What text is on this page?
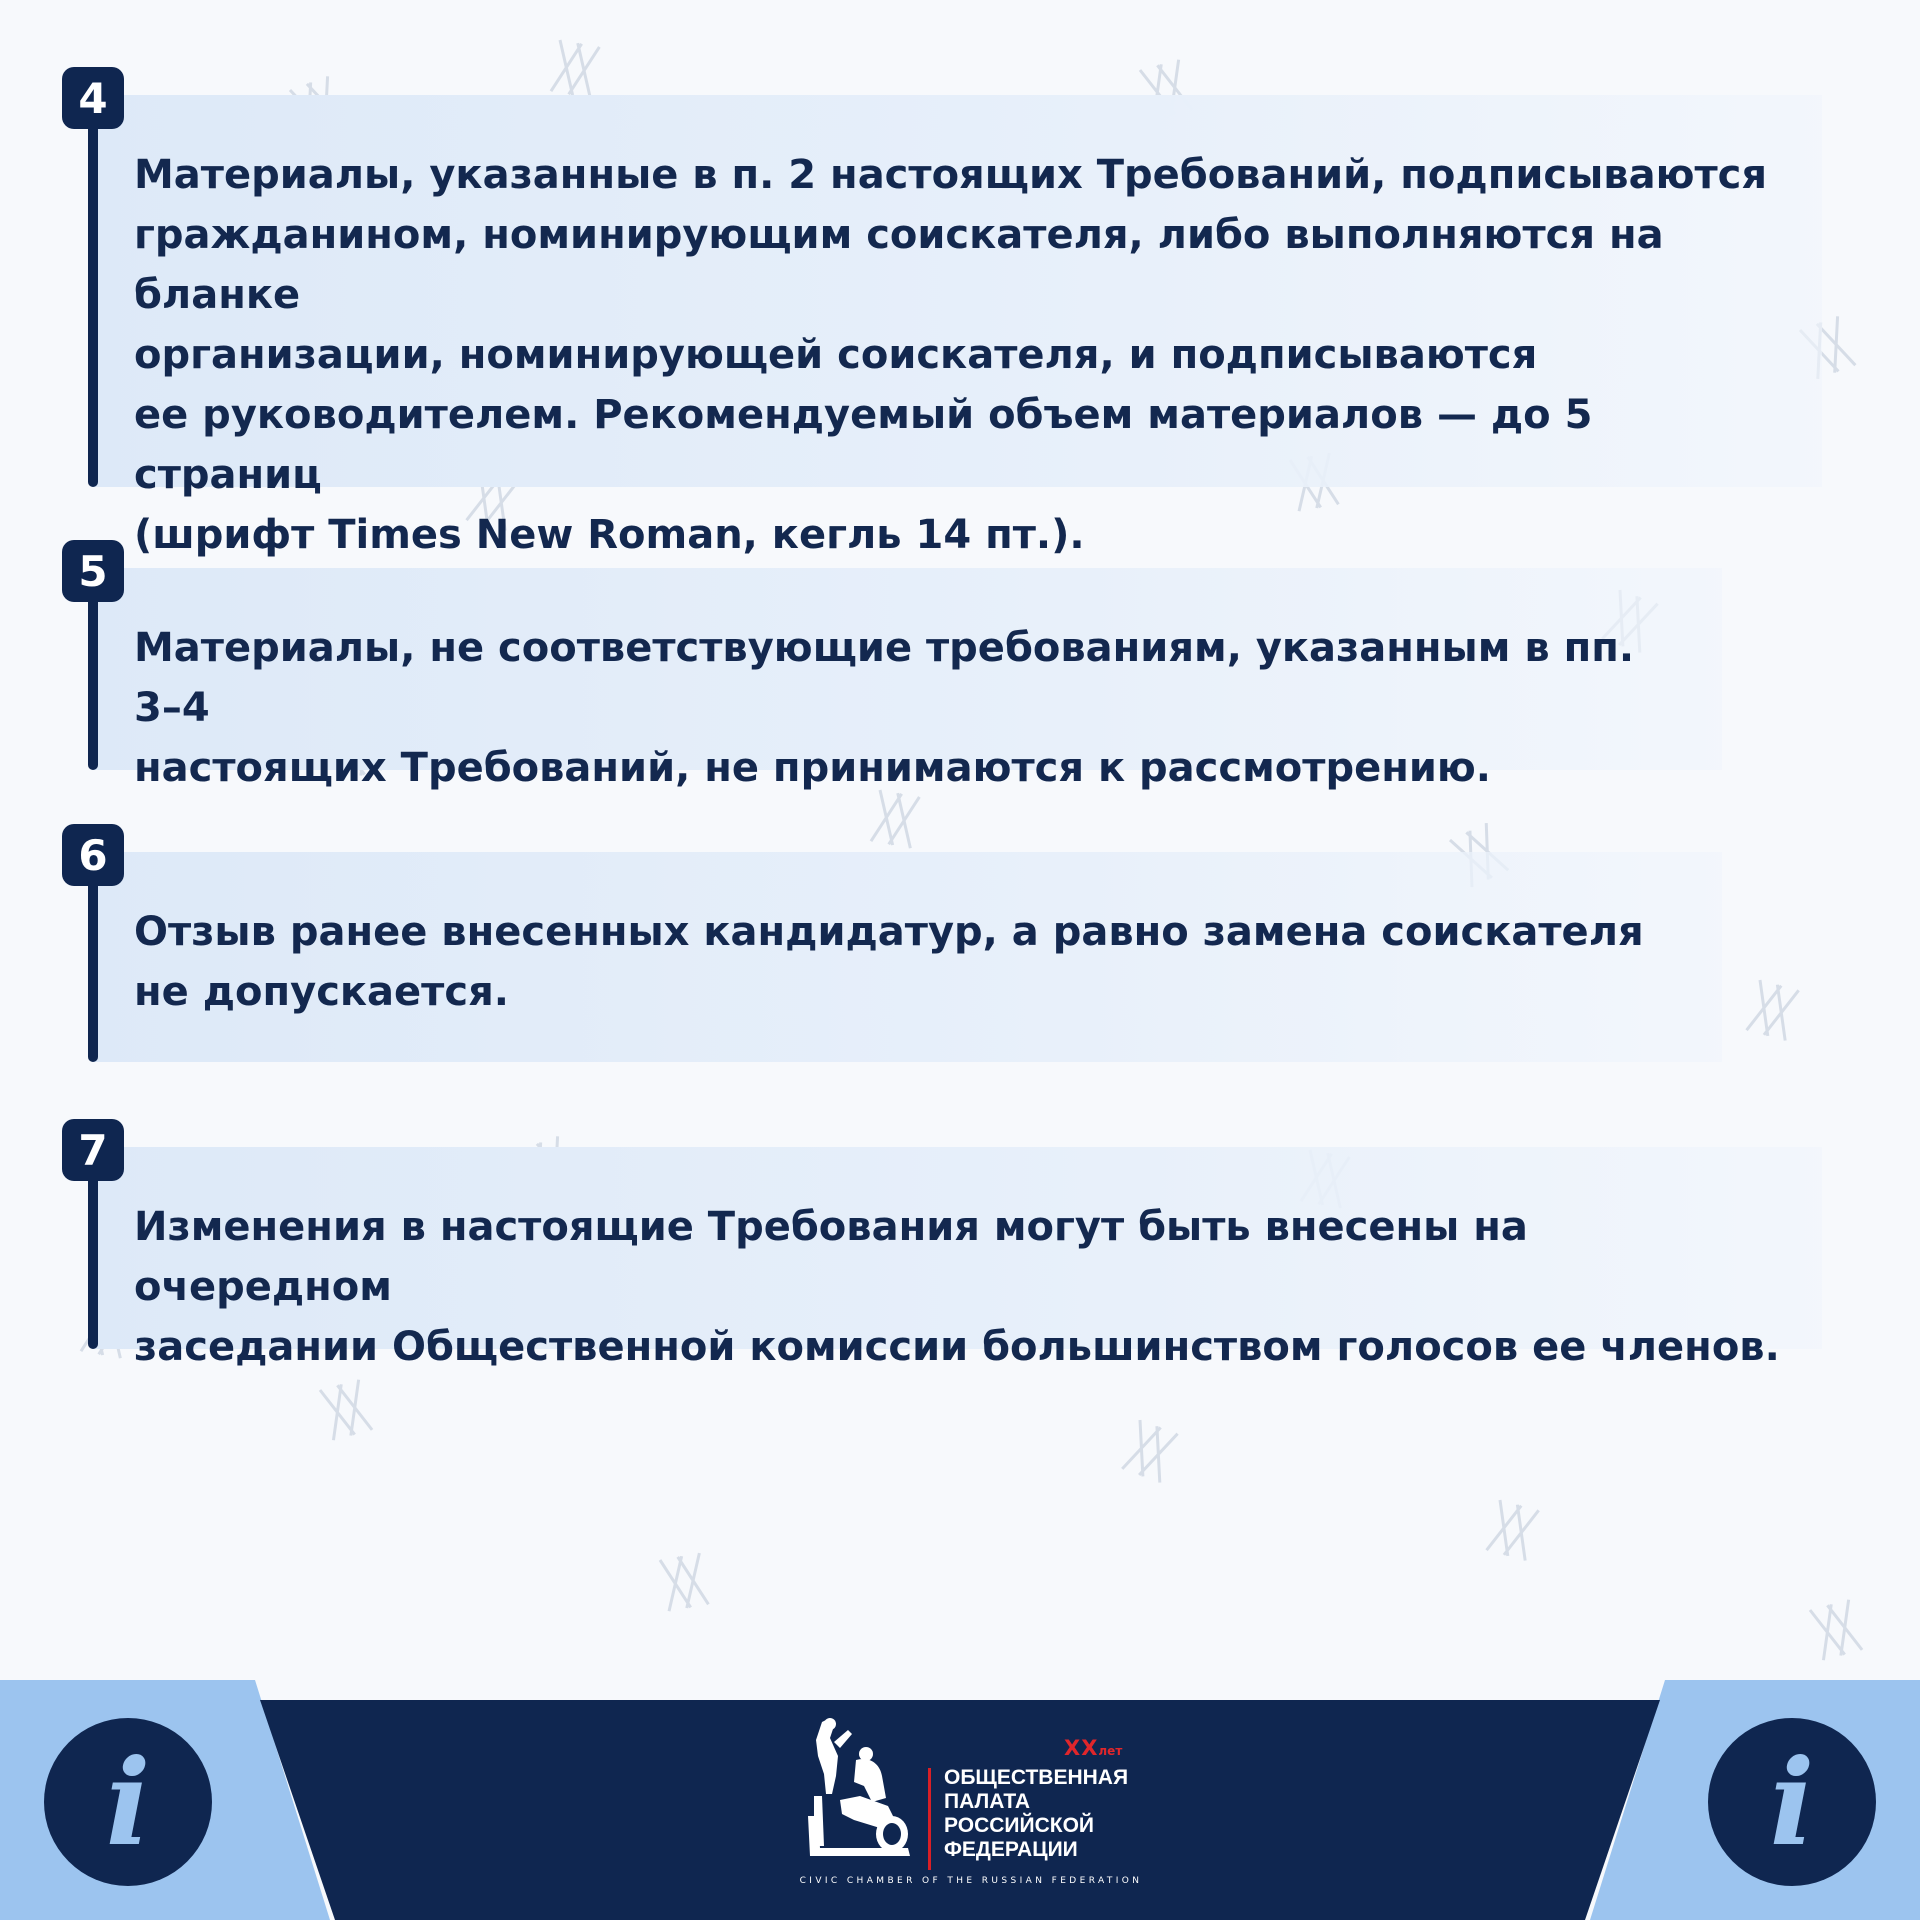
4

Материалы, указанные в п. 2 настоящих Требований, подписываются
гражданином, номинирующим соискателя, либо выполняются на бланке
организации, номинирующей соискателя, и подписываются
ее руководителем. Рекомендуемый объем материалов — до 5 страниц
(шрифт Times New Roman, кегль 14 пт.).

5

Материалы, не соответствующие требованиям, указанным в пп. 3–4
настоящих Требований, не принимаются к рассмотрению.

6

Отзыв ранее внесенных кандидатур, а равно замена соискателя
не допускается.

7

Изменения в настоящие Требования могут быть внесены на очередном
заседании Общественной комиссии большинством голосов ее членов.

i	i
XXлет

ОБЩЕСТВЕННАЯ
ПАЛАТА
РОССИЙСКОЙ
ФЕДЕРАЦИИ

CIVIC CHAMBER OF THE RUSSIAN FEDERATION
